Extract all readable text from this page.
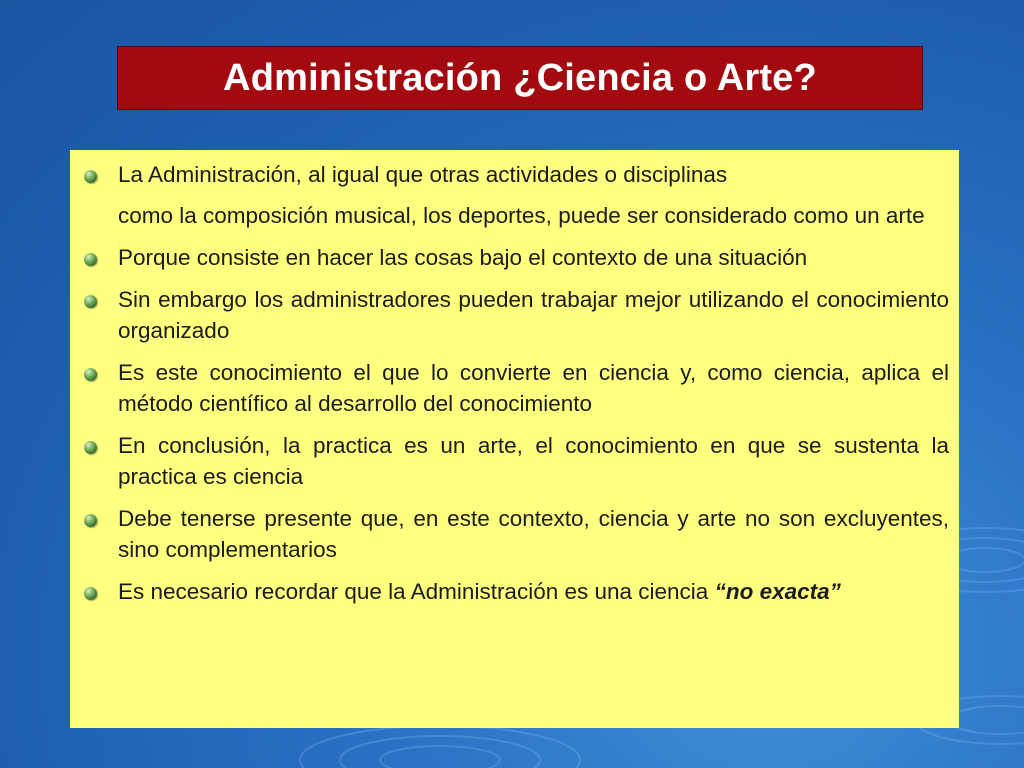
Administración ¿Ciencia o Arte?

La Administración, al igual que otras actividades o disciplinas

como la composición musical, los deportes, puede ser considerado como un arte

Porque consiste en hacer las cosas bajo el contexto de una situación

Sin embargo los administradores pueden trabajar mejor utilizando el conocimiento organizado

Es este conocimiento el que lo convierte en ciencia y, como ciencia, aplica el método científico al desarrollo del conocimiento

En conclusión, la practica es un arte, el conocimiento en que se sustenta la practica es ciencia

Debe tenerse presente que, en este contexto, ciencia y arte no son excluyentes, sino complementarios

Es necesario recordar que la Administración es una ciencia “no exacta”
